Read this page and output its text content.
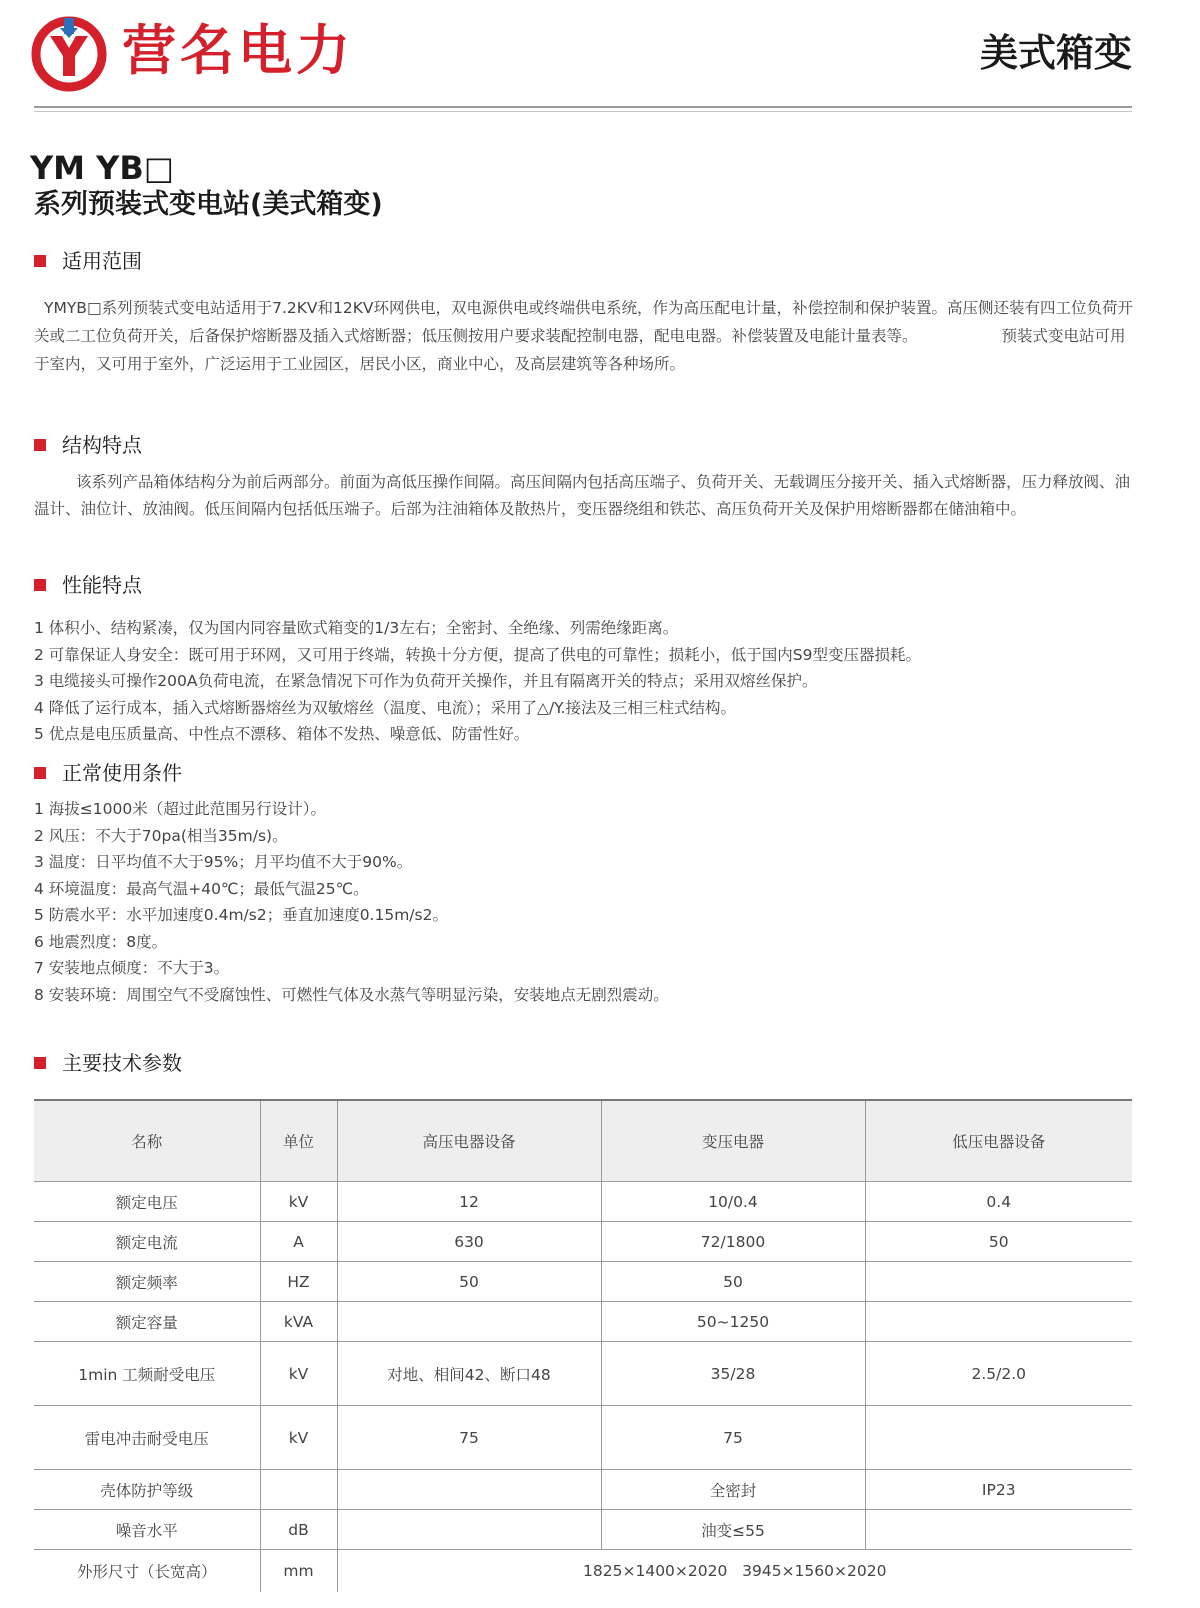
营名电力	美式箱变
YM YB□
系列预装式变电站(美式箱变)
适用范围

YMYB□系列预装式变电站适用于7.2KV和12KV环网供电，双电源供电或终端供电系统，作为高压配电计量，补偿控制和保护装置。高压侧还装有四工位负荷开关或二工位负荷开关，后备保护熔断器及插入式熔断器；低压侧按用户要求装配控制电器，配电电器。补偿装置及电能计量表等。	预装式变电站可用于室内，又可用于室外，广泛运用于工业园区，居民小区，商业中心，及高层建筑等各种场所。

结构特点

该系列产品箱体结构分为前后两部分。前面为高低压操作间隔。高压间隔内包括高压端子、负荷开关、无载调压分接开关、插入式熔断器，压力释放阀、油温计、油位计、放油阀。低压间隔内包括低压端子。后部为注油箱体及散热片，变压器绕组和铁芯、高压负荷开关及保护用熔断器都在储油箱中。

性能特点
1 体积小、结构紧凑，仅为国内同容量欧式箱变的1/3左右；全密封、全绝缘、列需绝缘距离。
2 可靠保证人身安全：既可用于环网，又可用于终端，转换十分方便，提高了供电的可靠性；损耗小，低于国内S9型变压器损耗。
3 电缆接头可操作200A负荷电流，在紧急情况下可作为负荷开关操作，并且有隔离开关的特点；采用双熔丝保护。
4 降低了运行成本，插入式熔断器熔丝为双敏熔丝（温度、电流）；采用了△/Y.接法及三相三柱式结构。
5 优点是电压质量高、中性点不漂移、箱体不发热、噪意低、防雷性好。
正常使用条件
1 海拔≤1000米（超过此范围另行设计）。
2 风压：不大于70pa(相当35m/s)。
3 温度：日平均值不大于95%；月平均值不大于90%。
4 环境温度：最高气温+40℃；最低气温25℃。
5 防震水平：水平加速度0.4m/s2；垂直加速度0.15m/s2。
6 地震烈度：8度。
7 安装地点倾度：不大于3。
8 安装环境：周围空气不受腐蚀性、可燃性气体及水蒸气等明显污染，安装地点无剧烈震动。
主要技术参数
名称	单位	高压电器设备	变压电器	低压电器设备
额定电压	kV	12	10/0.4	0.4
额定电流	A	630	72/1800	50
额定频率	HZ	50	50	
额定容量	kVA		50~1250	
1min 工频耐受电压	kV	对地、相间42、断口48	35/28	2.5/2.0
雷电冲击耐受电压	kV	75	75	
壳体防护等级			全密封	IP23
噪音水平	dB		油变≤55	
外形尺寸（长宽高）	mm	1825×1400×2020   3945×1560×2020		
